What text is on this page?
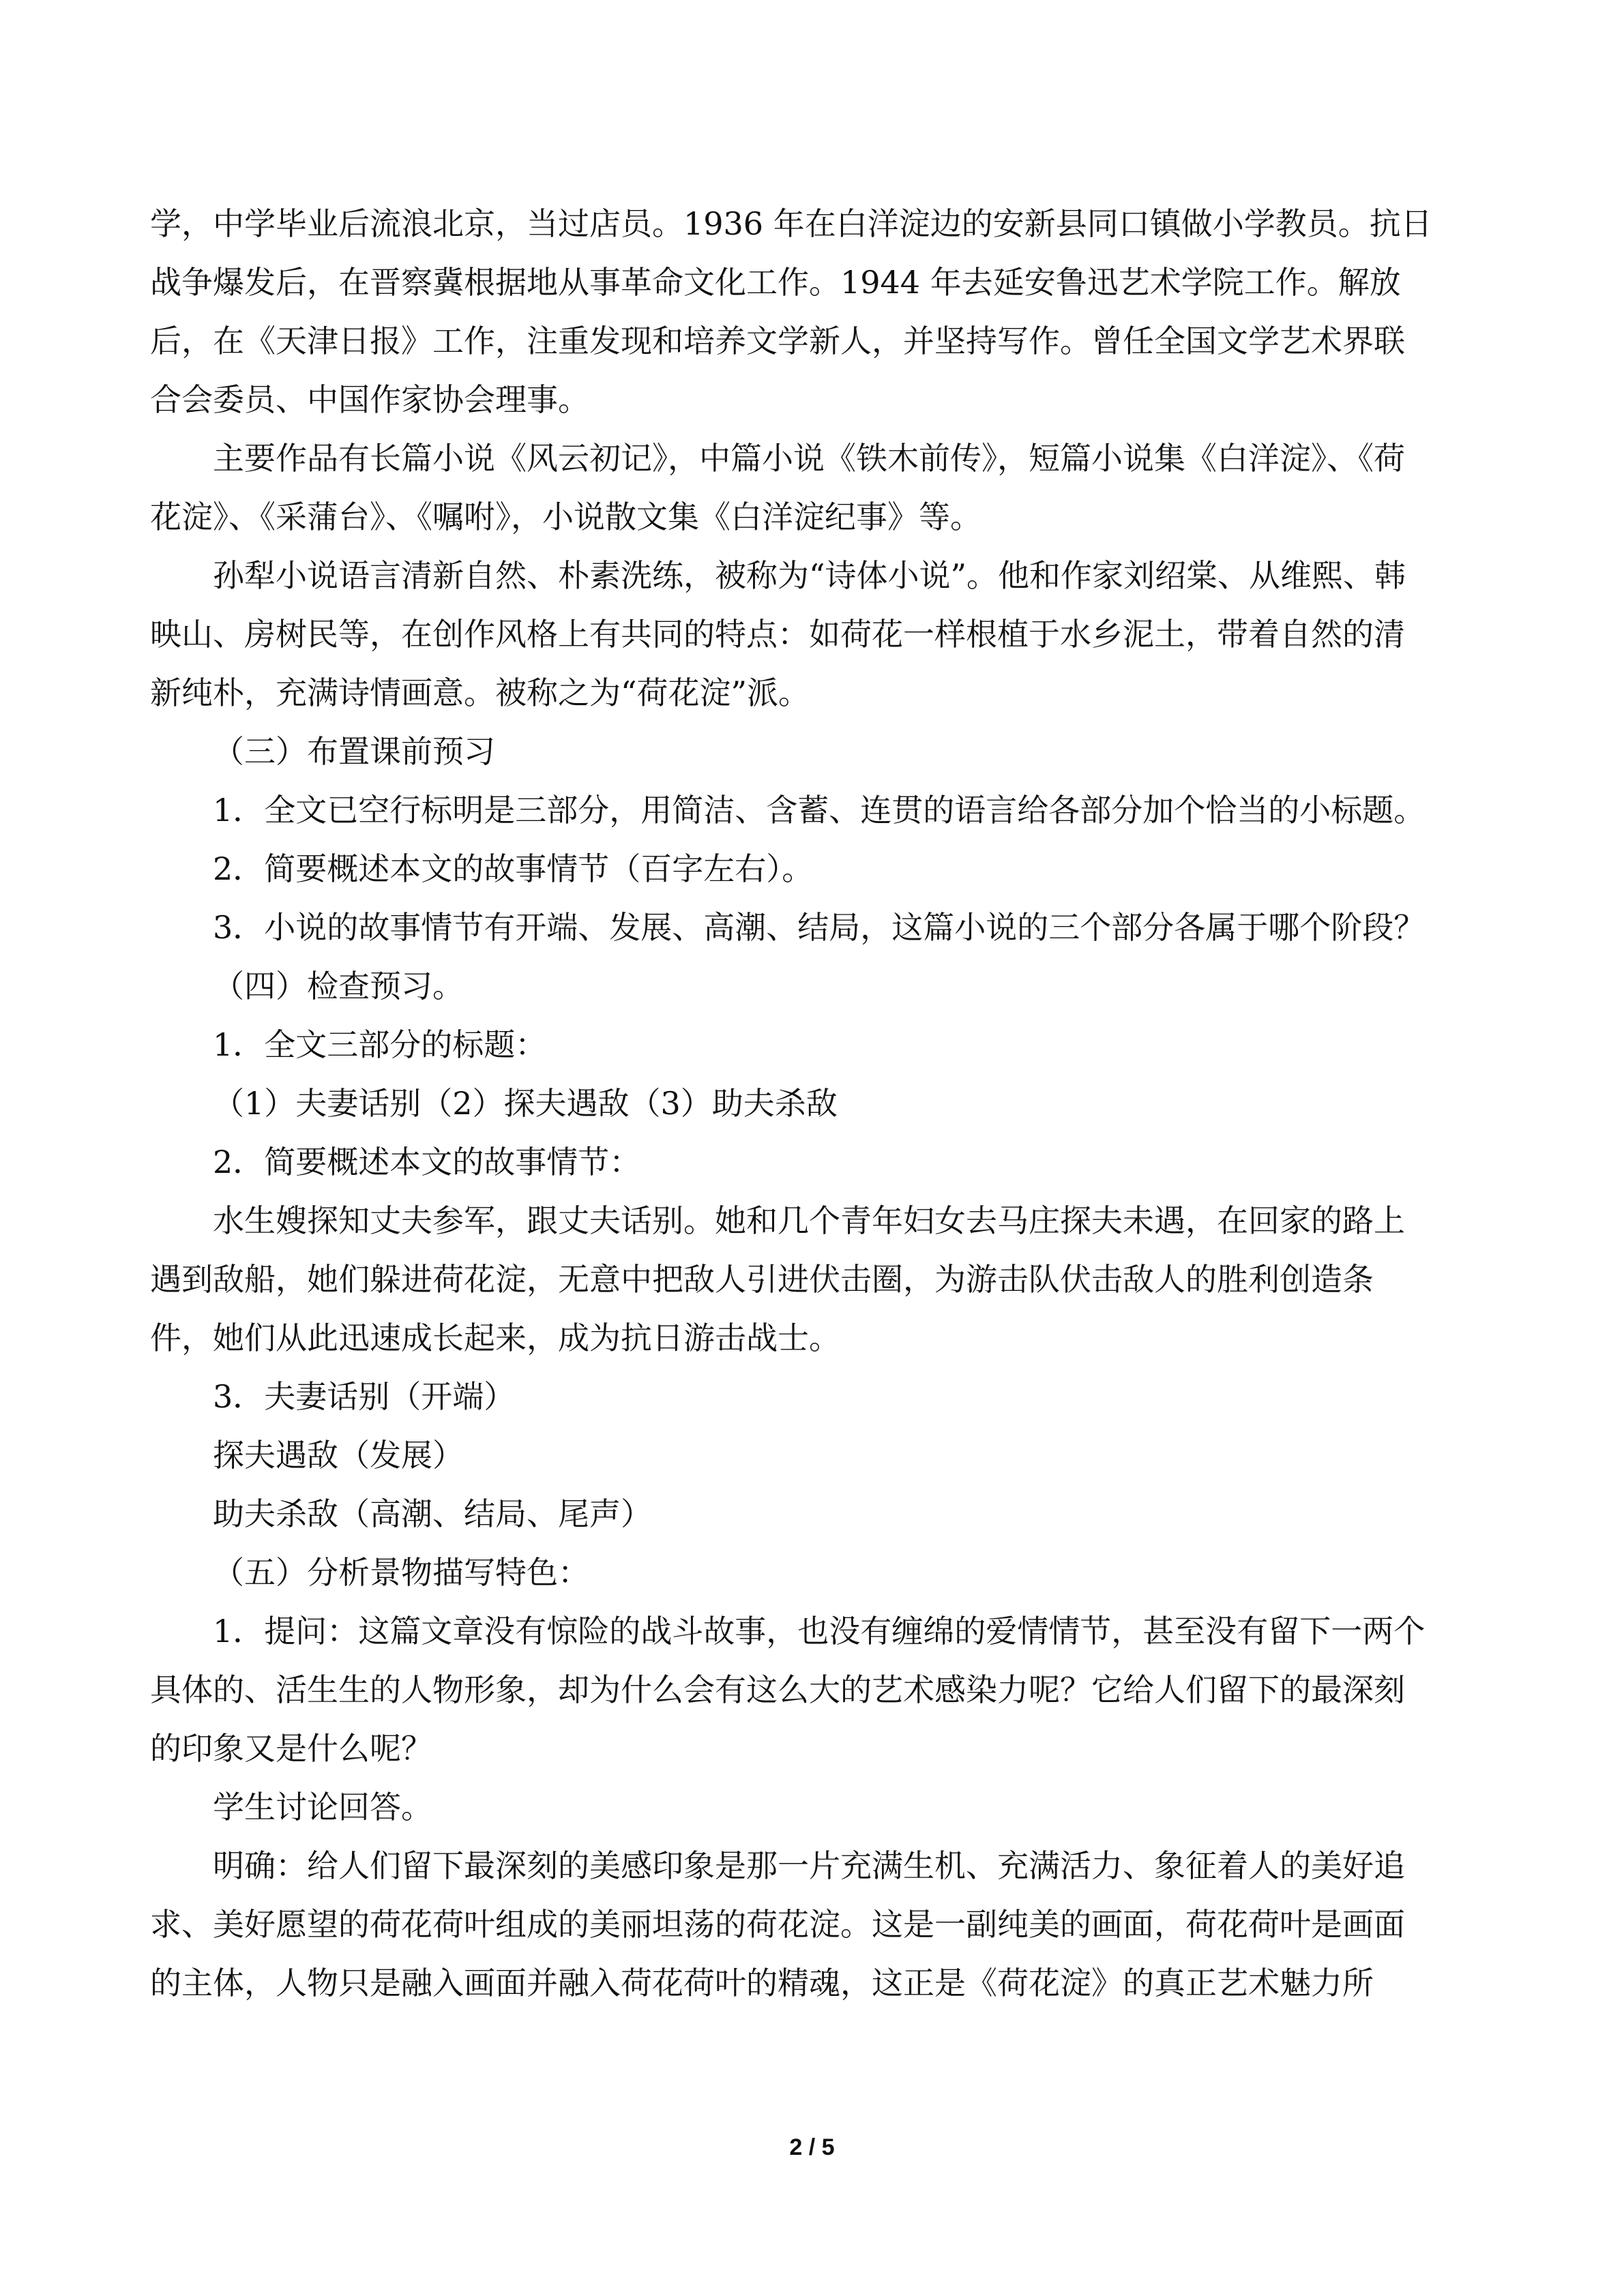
学，中学毕业后流浪北京，当过店员。1936 年在白洋淀边的安新县同口镇做小学教员。抗日
战争爆发后，在晋察冀根据地从事革命文化工作。1944 年去延安鲁迅艺术学院工作。解放
后，在《天津日报》工作，注重发现和培养文学新人，并坚持写作。曾任全国文学艺术界联
合会委员、中国作家协会理事。
主要作品有长篇小说《风云初记》，中篇小说《铁木前传》，短篇小说集《白洋淀》、《荷
花淀》、《采蒲台》、《嘱咐》，小说散文集《白洋淀纪事》等。
孙犁小说语言清新自然、朴素洗练，被称为“诗体小说”。他和作家刘绍棠、从维熙、韩
映山、房树民等，在创作风格上有共同的特点：如荷花一样根植于水乡泥土，带着自然的清
新纯朴，充满诗情画意。被称之为“荷花淀”派。
（三）布置课前预习
1．全文已空行标明是三部分，用简洁、含蓄、连贯的语言给各部分加个恰当的小标题。
2．简要概述本文的故事情节（百字左右）。
3．小说的故事情节有开端、发展、高潮、结局，这篇小说的三个部分各属于哪个阶段？
（四）检查预习。
1．全文三部分的标题：
（1）夫妻话别（2）探夫遇敌（3）助夫杀敌
2．简要概述本文的故事情节：
水生嫂探知丈夫参军，跟丈夫话别。她和几个青年妇女去马庄探夫未遇，在回家的路上
遇到敌船，她们躲进荷花淀，无意中把敌人引进伏击圈，为游击队伏击敌人的胜利创造条
件，她们从此迅速成长起来，成为抗日游击战士。
3．夫妻话别（开端）
探夫遇敌（发展）
助夫杀敌（高潮、结局、尾声）
（五）分析景物描写特色：
1．提问：这篇文章没有惊险的战斗故事，也没有缠绵的爱情情节，甚至没有留下一两个
具体的、活生生的人物形象，却为什么会有这么大的艺术感染力呢？它给人们留下的最深刻
的印象又是什么呢？
学生讨论回答。
明确：给人们留下最深刻的美感印象是那一片充满生机、充满活力、象征着人的美好追
求、美好愿望的荷花荷叶组成的美丽坦荡的荷花淀。这是一副纯美的画面，荷花荷叶是画面
的主体，人物只是融入画面并融入荷花荷叶的精魂，这正是《荷花淀》的真正艺术魅力所
2 / 5
